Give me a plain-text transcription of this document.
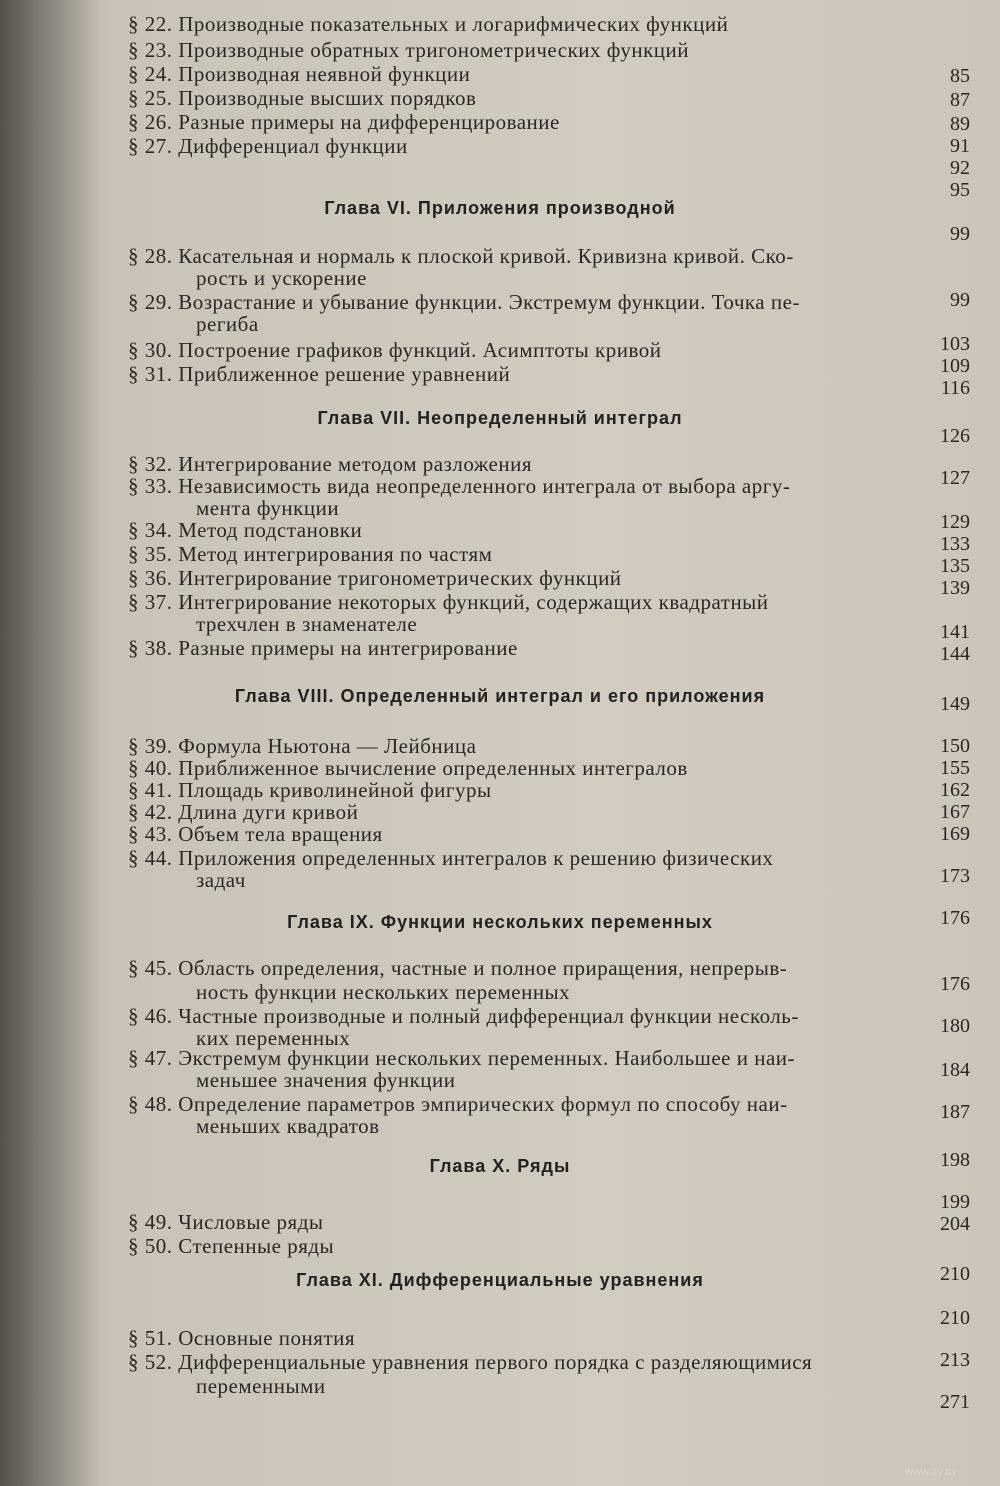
§ 22. Производные показательных и логарифмических функций
§ 23. Производные обратных тригонометрических функций
§ 24. Производная неявной функции
§ 25. Производные высших порядков
§ 26. Разные примеры на дифференцирование
§ 27. Дифференциал функции
Глава VI. Приложения производной
§ 28. Касательная и нормаль к плоской кривой. Кривизна кривой. Ско-
рость и ускорение
§ 29. Возрастание и убывание функции. Экстремум функции. Точка пе-
региба
§ 30. Построение графиков функций. Асимптоты кривой
§ 31. Приближенное решение уравнений
Глава VII. Неопределенный интеграл
§ 32. Интегрирование методом разложения
§ 33. Независимость вида неопределенного интеграла от выбора аргу-
мента функции
§ 34. Метод подстановки
§ 35. Метод интегрирования по частям
§ 36. Интегрирование тригонометрических функций
§ 37. Интегрирование некоторых функций, содержащих квадратный
трехчлен в знаменателе
§ 38. Разные примеры на интегрирование
Глава VIII. Определенный интеграл и его приложения
§ 39. Формула Ньютона — Лейбница
§ 40. Приближенное вычисление определенных интегралов
§ 41. Площадь криволинейной фигуры
§ 42. Длина дуги кривой
§ 43. Объем тела вращения
§ 44. Приложения определенных интегралов к решению физических
задач
Глава IX. Функции нескольких переменных
§ 45. Область определения, частные и полное приращения, непрерыв-
ность функции нескольких переменных
§ 46. Частные производные и полный дифференциал функции несколь-
ких переменных
§ 47. Экстремум функции нескольких переменных. Наибольшее и наи-
меньшее значения функции
§ 48. Определение параметров эмпирических формул по способу наи-
меньших квадратов
Глава X. Ряды
§ 49. Числовые ряды
§ 50. Степенные ряды
Глава XI. Дифференциальные уравнения
§ 51. Основные понятия
§ 52. Дифференциальные уравнения первого порядка с разделяющимися
переменными
85
87
89
91
92
95
99
99
103
109
116
126
127
129
133
135
139
141
144
149
150
155
162
167
169
173
176
176
180
184
187
198
199
204
210
210
213
271
www.ay.by
